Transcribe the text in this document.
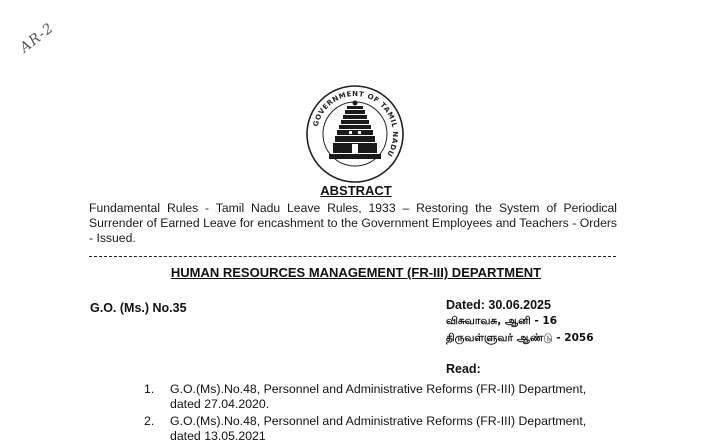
AR-2
GOVERNMENT OF TAMIL NADU
ABSTRACT
Fundamental Rules - Tamil Nadu Leave Rules, 1933 – Restoring the System of Periodical Surrender of Earned Leave for encashment to the Government Employees and Teachers - Orders - Issued.
HUMAN RESOURCES MANAGEMENT (FR-III) DEPARTMENT
G.O. (Ms.) No.35	Dated: 30.06.2025
விசுவாவசு, ஆனி - 16
திருவள்ளுவர் ஆண்டு - 2056
Read:
1.	G.O.(Ms).No.48, Personnel and Administrative Reforms (FR-III) Department, dated 27.04.2020.
2.	G.O.(Ms).No.48, Personnel and Administrative Reforms (FR-III) Department, dated 13.05.2021
